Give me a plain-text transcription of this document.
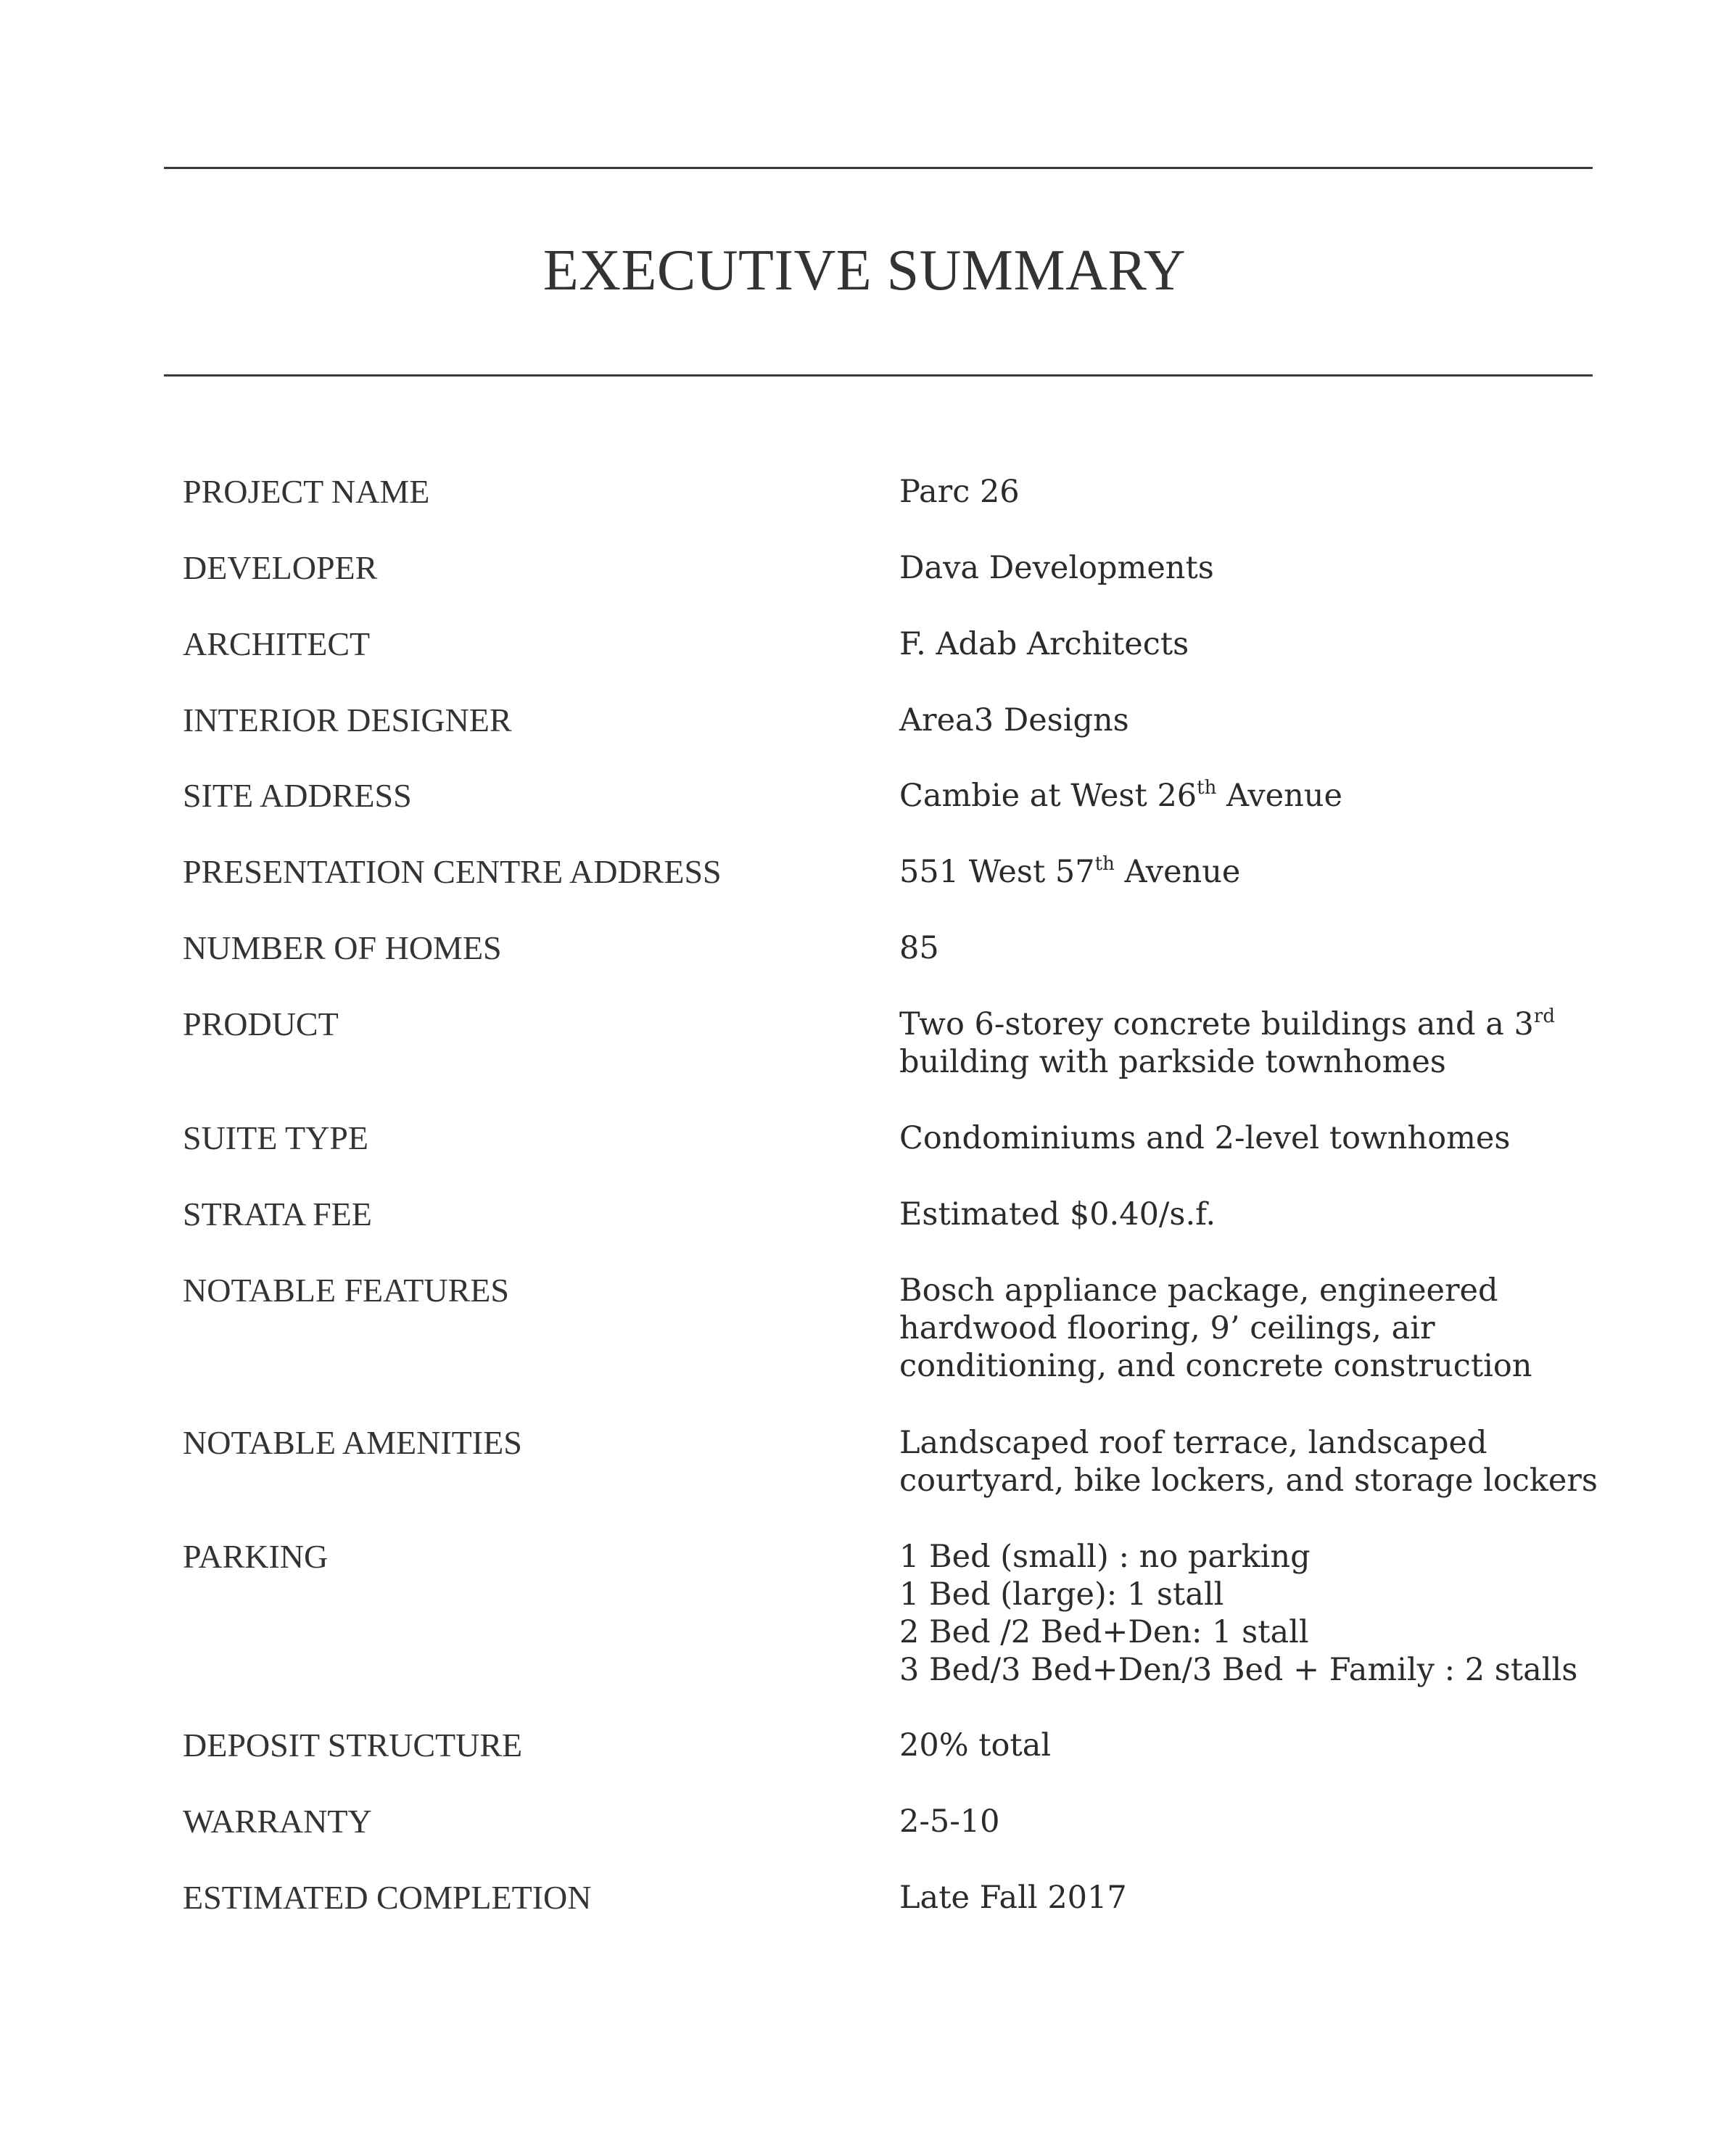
EXECUTIVE SUMMARY
PROJECT NAME	Parc 26
DEVELOPER	Dava Developments
ARCHITECT	F. Adab Architects
INTERIOR DESIGNER	Area3 Designs
SITE ADDRESS	Cambie at West 26th Avenue
PRESENTATION CENTRE ADDRESS	551 West 57th Avenue
NUMBER OF HOMES	85
PRODUCT	Two 6-storey concrete buildings and a 3rd
building with parkside townhomes
SUITE TYPE	Condominiums and 2-level townhomes
STRATA FEE	Estimated $0.40/s.f.
NOTABLE FEATURES	Bosch appliance package, engineered
hardwood flooring, 9’ ceilings, air
conditioning, and concrete construction
NOTABLE AMENITIES	Landscaped roof terrace, landscaped
courtyard, bike lockers, and storage lockers
PARKING	1 Bed (small) : no parking
1 Bed (large): 1 stall
2 Bed /2 Bed+Den: 1 stall
3 Bed/3 Bed+Den/3 Bed + Family : 2 stalls
DEPOSIT STRUCTURE	20% total
WARRANTY	2-5-10
ESTIMATED COMPLETION	Late Fall 2017
